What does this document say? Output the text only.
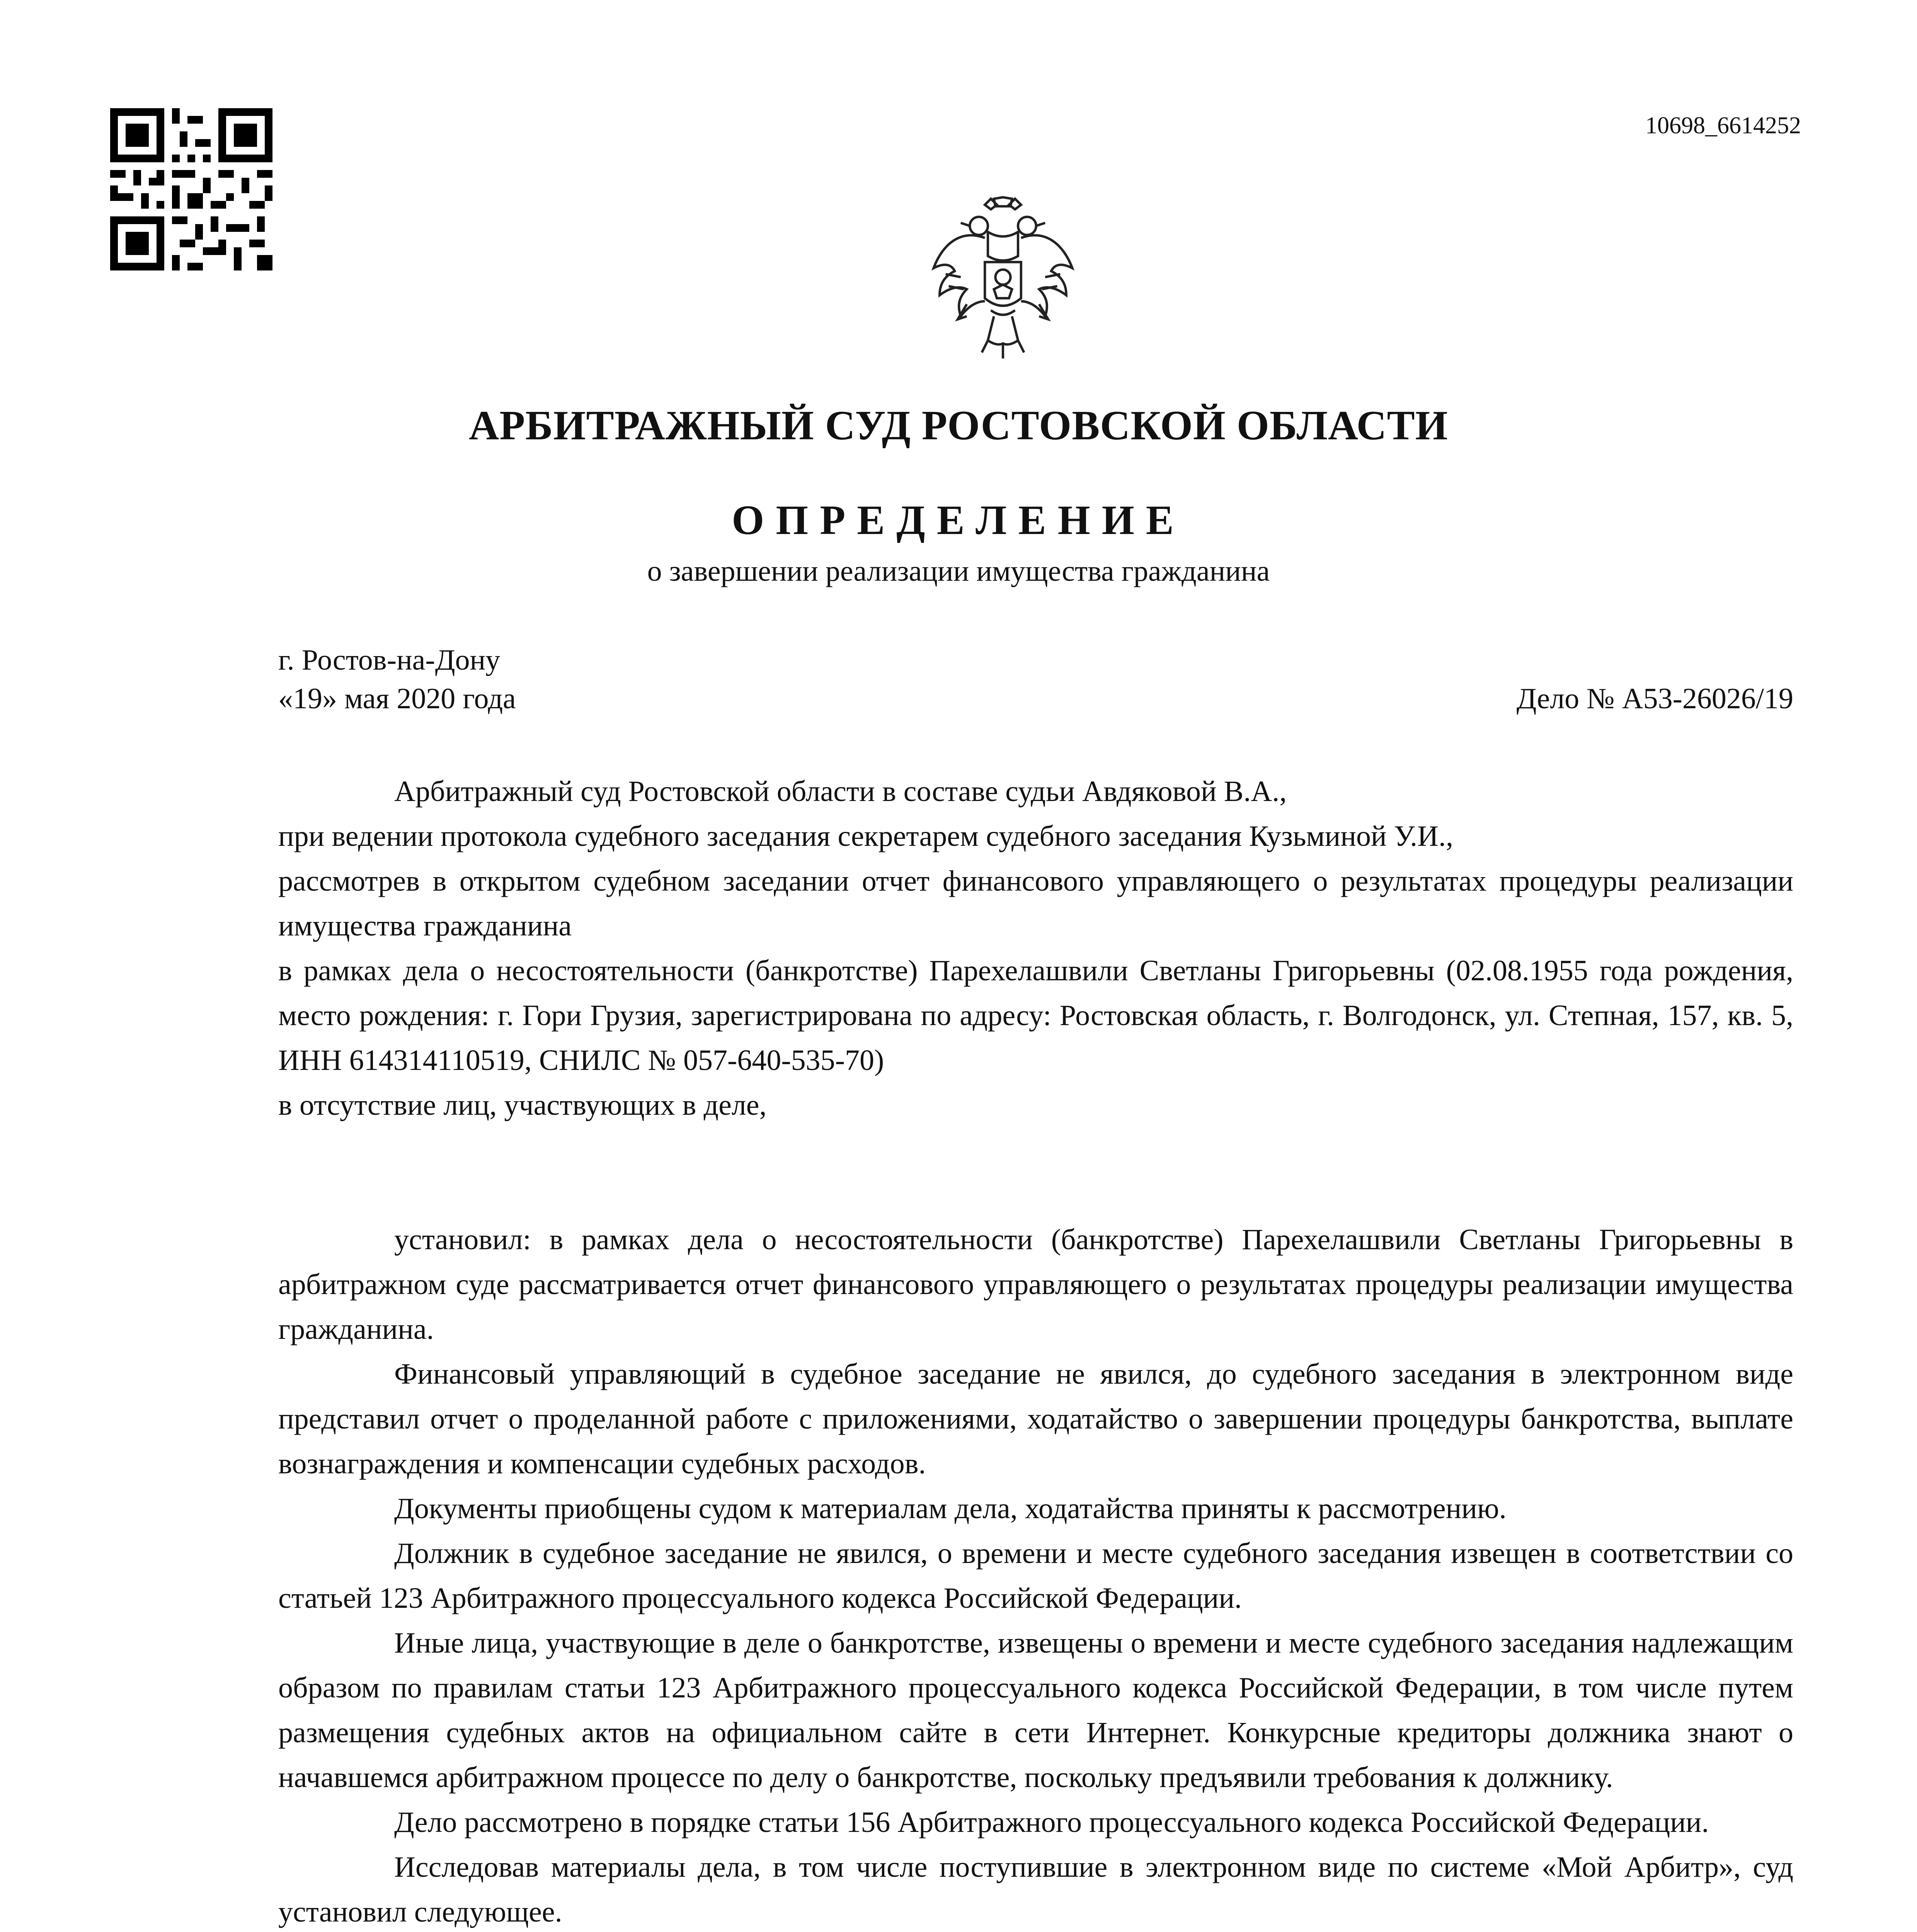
10698_6614252
АРБИТРАЖНЫЙ СУД РОСТОВСКОЙ ОБЛАСТИ
ОПРЕДЕЛЕНИЕ
о завершении реализации имущества гражданина
г. Ростов-на-Дону
«19» мая 2020 года	Дело № А53-26026/19

Арбитражный суд Ростовской области в составе судьи Авдяковой В.А.,

при ведении протокола судебного заседания секретарем судебного заседания Кузьминой У.И.,

рассмотрев в открытом судебном заседании отчет финансового управляющего о результатах процедуры реализации имущества гражданина

в рамках дела о несостоятельности (банкротстве) Парехелашвили Светланы Григорьевны (02.08.1955 года рождения, место рождения: г. Гори Грузия, зарегистрирована по адресу: Ростовская область, г. Волгодонск, ул. Степная, 157, кв. 5, ИНН 614314110519, СНИЛС № 057-640-535-70)

в отсутствие лиц, участвующих в деле,

установил: в рамках дела о несостоятельности (банкротстве) Парехелашвили Светланы Григорьевны в арбитражном суде рассматривается отчет финансового управляющего о результатах процедуры реализации имущества гражданина.

Финансовый управляющий в судебное заседание не явился, до судебного заседания в электронном виде представил отчет о проделанной работе с приложениями, ходатайство о завершении процедуры банкротства, выплате вознаграждения и компенсации судебных расходов.

Документы приобщены судом к материалам дела, ходатайства приняты к рассмотрению.

Должник в судебное заседание не явился, о времени и месте судебного заседания извещен в соответствии со статьей 123 Арбитражного процессуального кодекса Российской Федерации.

Иные лица, участвующие в деле о банкротстве, извещены о времени и месте судебного заседания надлежащим образом по правилам статьи 123 Арбитражного процессуального кодекса Российской Федерации, в том числе путем размещения судебных актов на официальном сайте в сети Интернет. Конкурсные кредиторы должника знают о начавшемся арбитражном процессе по делу о банкротстве, поскольку предъявили требования к должнику.

Дело рассмотрено в порядке статьи 156 Арбитражного процессуального кодекса Российской Федерации.

Исследовав материалы дела, в том числе поступившие в электронном виде по системе «Мой Арбитр», суд установил следующее.
